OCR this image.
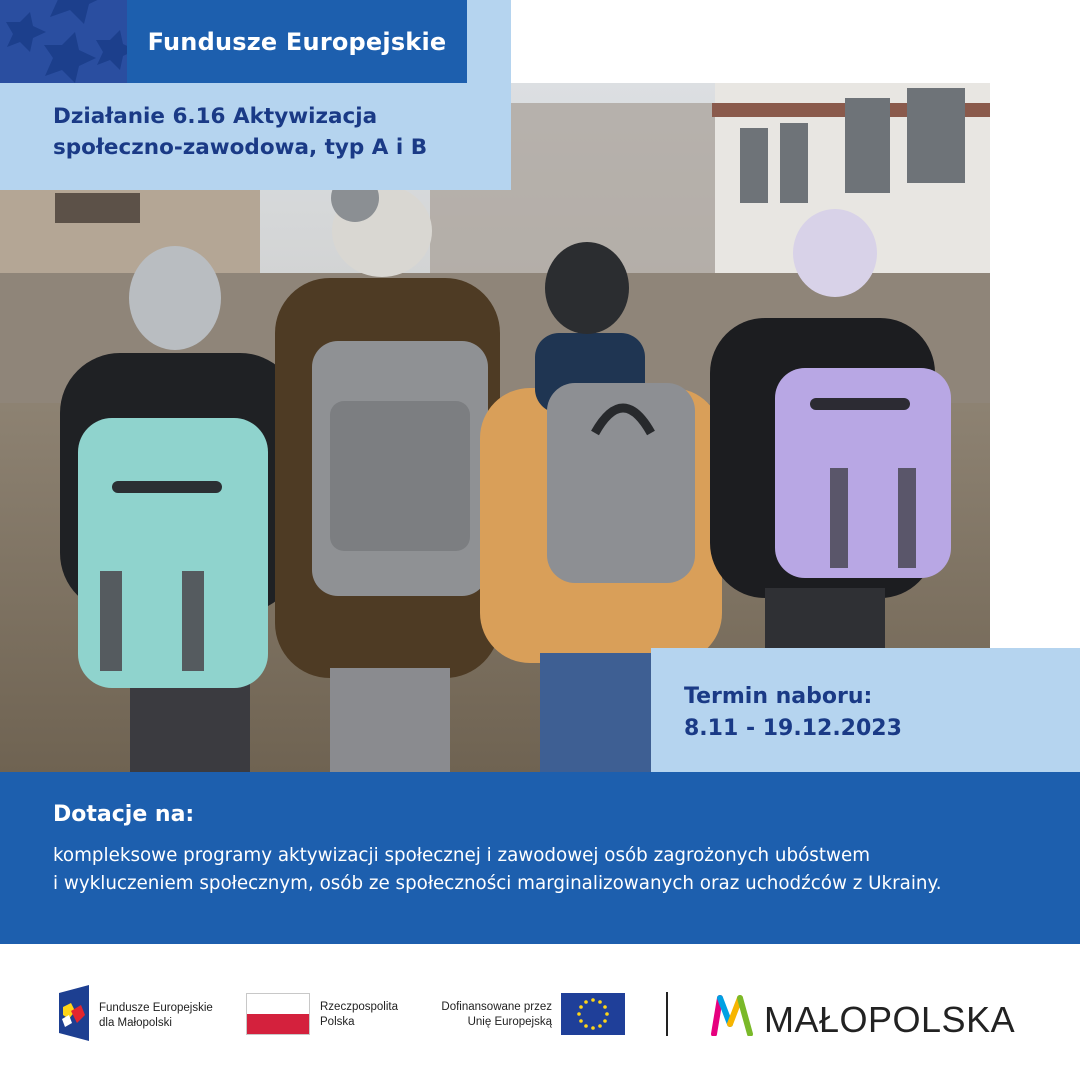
Fundusze Europejskie
Działanie 6.16 Aktywizacja
społeczno-zawodowa, typ A i B
Termin naboru:
8.11 - 19.12.2023
Dotacje na:
kompleksowe programy aktywizacji społecznej i zawodowej osób zagrożonych ubóstwem
i wykluczeniem społecznym, osób ze społeczności marginalizowanych oraz uchodźców z Ukrainy.
Fundusze Europejskie
dla Małopolski
Rzeczpospolita
Polska
Dofinansowane przez
Unię Europejską	MAŁOPOLSKA
